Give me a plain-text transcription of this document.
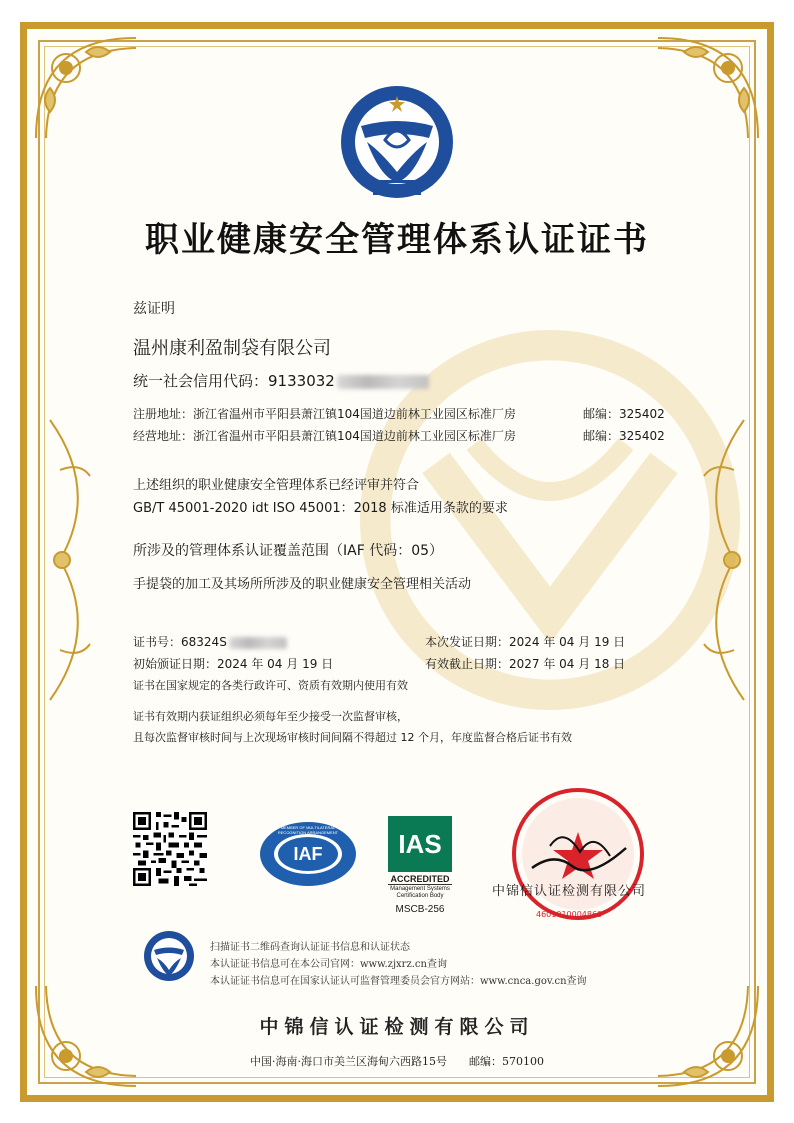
职业健康安全管理体系认证证书
兹证明
温州康利盈制袋有限公司
统一社会信用代码：9133032
注册地址：浙江省温州市平阳县萧江镇104国道边前林工业园区标准厂房	邮编：325402
经营地址：浙江省温州市平阳县萧江镇104国道边前林工业园区标准厂房	邮编：325402
上述组织的职业健康安全管理体系已经评审并符合
GB/T 45001-2020 idt ISO 45001：2018 标准适用条款的要求
所涉及的管理体系认证覆盖范围（IAF 代码：05）
手提袋的加工及其场所所涉及的职业健康安全管理相关活动
证书号：68324S	本次发证日期：2024 年 04 月 19 日
初始颁证日期：2024 年 04 月 19 日	有效截止日期：2027 年 04 月 18 日
证书在国家规定的各类行政许可、资质有效期内使用有效
证书有效期内获证组织必须每年至少接受一次监督审核，
且每次监督审核时间与上次现场审核时间间隔不得超过 12 个月，年度监督合格后证书有效
IAF
MEMBER OF MULTILATERAL RECOGNITION ARRANGEMENT	IAS
ACCREDITED
Management Systems
Certification Body
MSCB-256
中锦信认证检测有限公司
4601010004869
扫描证书二维码查询认证证书信息和认证状态
本认证证书信息可在本公司官网：www.zjxrz.cn查询
本认证证书信息可在国家认证认可监督管理委员会官方网站：www.cnca.gov.cn查询
中锦信认证检测有限公司
中国·海南·海口市美兰区海甸六西路15号　　邮编：570100
